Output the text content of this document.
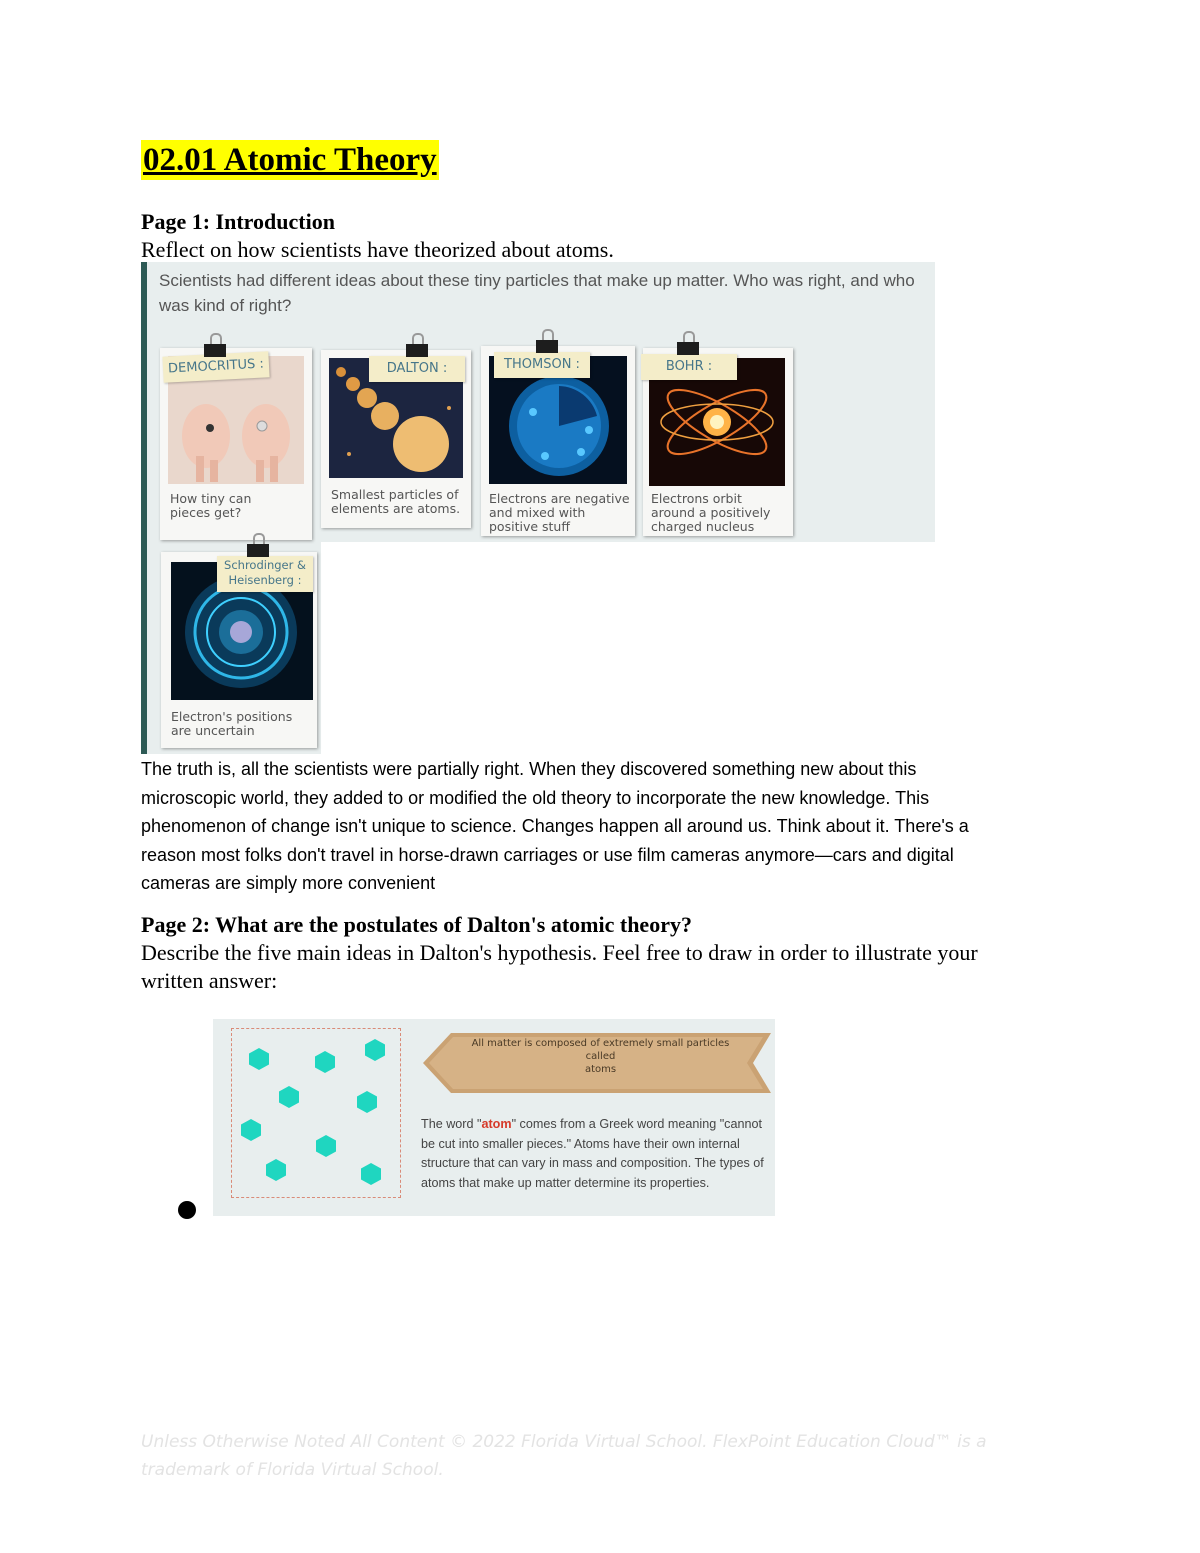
02.01 Atomic Theory
Page 1: Introduction
Reflect on how scientists have theorized about atoms.
Scientists had different ideas about these tiny particles that make up matter. Who was right, and who
was kind of right?
How tiny can
pieces get?
DEMOCRITUS :
Smallest particles of
elements are atoms.
DALTON :
Electrons are negative
and mixed with
positive stuff
THOMSON :
Electrons orbit
around a positively
charged nucleus
BOHR :
Electron's positions
are uncertain
Schrodinger &
Heisenberg :
The truth is, all the scientists were partially right. When they discovered something new about this
microscopic world, they added to or modified the old theory to incorporate the new knowledge. This
phenomenon of change isn't unique to science. Changes happen all around us. Think about it. There's a
reason most folks don't travel in horse-drawn carriages or use film cameras anymore—cars and digital
cameras are simply more convenient
Page 2: What are the postulates of Dalton's atomic theory?
Describe the five main ideas in Dalton's hypothesis. Feel free to draw in order to illustrate your
written answer:
All matter is composed of extremely small particles called
atoms
The word "atom" comes from a Greek word meaning "cannot be cut into smaller pieces." Atoms have their own internal structure that can vary in mass and composition. The types of atoms that make up matter determine its properties.
Unless Otherwise Noted All Content © 2022 Florida Virtual School. FlexPoint Education Cloud™ is a
trademark of Florida Virtual School.
